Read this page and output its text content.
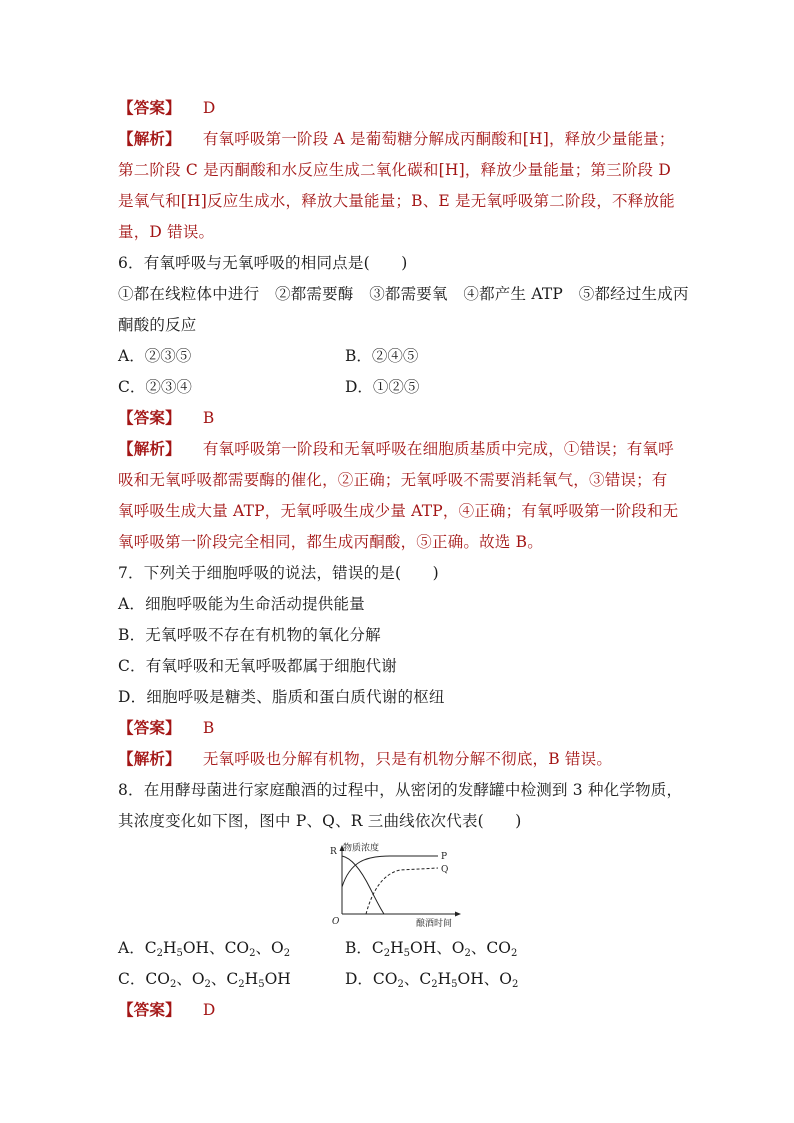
【答案】 D
【解析】 有氧呼吸第一阶段 A 是葡萄糖分解成丙酮酸和[H]，释放少量能量；
第二阶段 C 是丙酮酸和水反应生成二氧化碳和[H]，释放少量能量；第三阶段 D
是氧气和[H]反应生成水，释放大量能量；B、E 是无氧呼吸第二阶段，不释放能
量，D 错误。
6．有氧呼吸与无氧呼吸的相同点是(　　)
①都在线粒体中进行　②都需要酶　③都需要氧　④都产生 ATP　⑤都经过生成丙
酮酸的反应
A．②③⑤	B．②④⑤
C．②③④	D．①②⑤
【答案】 B
【解析】 有氧呼吸第一阶段和无氧呼吸在细胞质基质中完成，①错误；有氧呼
吸和无氧呼吸都需要酶的催化，②正确；无氧呼吸不需要消耗氧气，③错误；有
氧呼吸生成大量 ATP，无氧呼吸生成少量 ATP，④正确；有氧呼吸第一阶段和无
氧呼吸第一阶段完全相同，都生成丙酮酸，⑤正确。故选 B。
7．下列关于细胞呼吸的说法，错误的是(　　)
A．细胞呼吸能为生命活动提供能量
B．无氧呼吸不存在有机物的氧化分解
C．有氧呼吸和无氧呼吸都属于细胞代谢
D．细胞呼吸是糖类、脂质和蛋白质代谢的枢纽
【答案】 B
【解析】 无氧呼吸也分解有机物，只是有机物分解不彻底，B 错误。
8．在用酵母菌进行家庭酿酒的过程中，从密闭的发酵罐中检测到 3 种化学物质，
其浓度变化如下图，图中 P、Q、R 三曲线依次代表(　　)
物质浓度
R	P
Q
O	酿酒时间
A．$C_2H_5OH$、$CO_2$、$O_2$	B．$C_2H_5OH$、$O_2$、$CO_2$
C．$CO_2$、$O_2$、$C_2H_5OH$	D．$CO_2$、$C_2H_5OH$、$O_2$
【答案】 D
